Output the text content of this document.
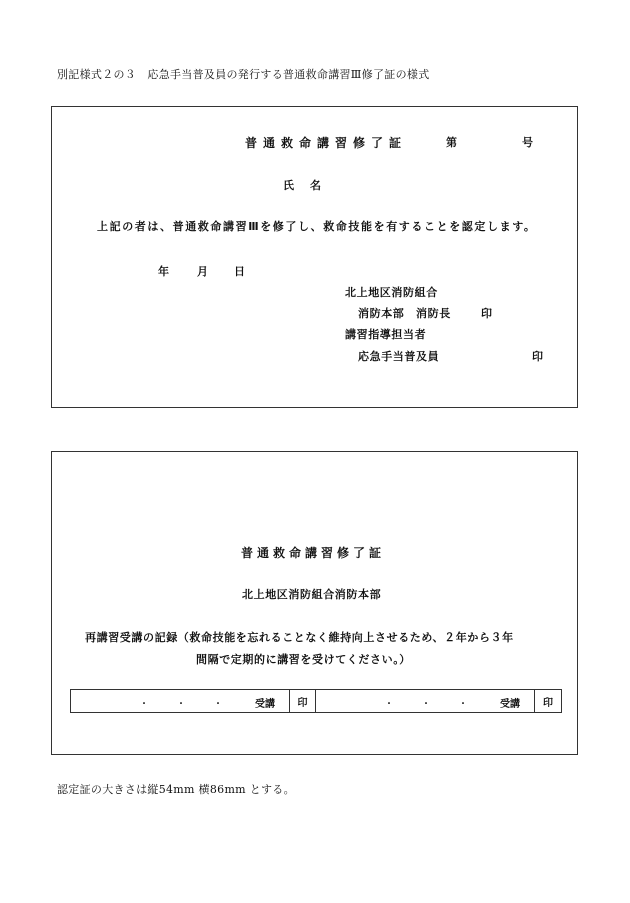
別記様式２の３　応急手当普及員の発行する普通救命講習Ⅲ修了証の様式
普通救命講習修了証	第	号
氏名
上記の者は、普通救命講習Ⅲを修了し、救命技能を有することを認定します。
年	月 日
北上地区消防組合
消防本部　消防長	印
講習指導担当者
応急手当普及員	印
普通救命講習修了証
北上地区消防組合消防本部
再講習受講の記録（救命技能を忘れることなく維持向上させるため、２年から３年
間隔で定期的に講習を受けてください。）
・	・	・	受講	印	・	・	・	受講	印
認定証の大きさは縦54mm 横86mm とする。
